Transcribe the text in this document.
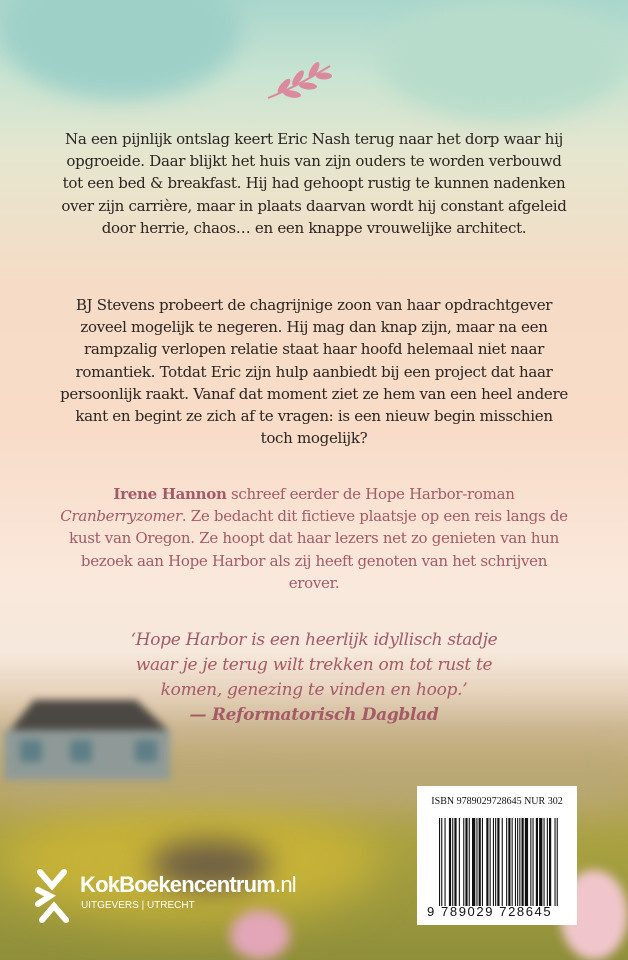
Na een pijnlijk ontslag keert Eric Nash terug naar het dorp waar hij opgroeide. Daar blijkt het huis van zijn ouders te worden verbouwd tot een bed & breakfast. Hij had gehoopt rustig te kunnen nadenken over zijn carrière, maar in plaats daarvan wordt hij constant afgeleid door herrie, chaos… en een knappe vrouwelijke architect.
BJ Stevens probeert de chagrijnige zoon van haar opdrachtgever zoveel mogelijk te negeren. Hij mag dan knap zijn, maar na een rampzalig verlopen relatie staat haar hoofd helemaal niet naar romantiek. Totdat Eric zijn hulp aanbiedt bij een project dat haar persoonlijk raakt. Vanaf dat moment ziet ze hem van een heel andere kant en begint ze zich af te vragen: is een nieuw begin misschien toch mogelijk?
Irene Hannon schreef eerder de Hope Harbor-roman Cranberryzomer. Ze bedacht dit fictieve plaatsje op een reis langs de kust van Oregon. Ze hoopt dat haar lezers net zo genieten van hun bezoek aan Hope Harbor als zij heeft genoten van het schrijven erover.
‘Hope Harbor is een heerlijk idyllisch stadje waar je je terug wilt trekken om tot rust te komen, genezing te vinden en hoop.’
— Reformatorisch Dagblad
KokBoekencentrum.nl
UITGEVERS | UTRECHT
ISBN 9789029728645 NUR 302
9 789029 728645
